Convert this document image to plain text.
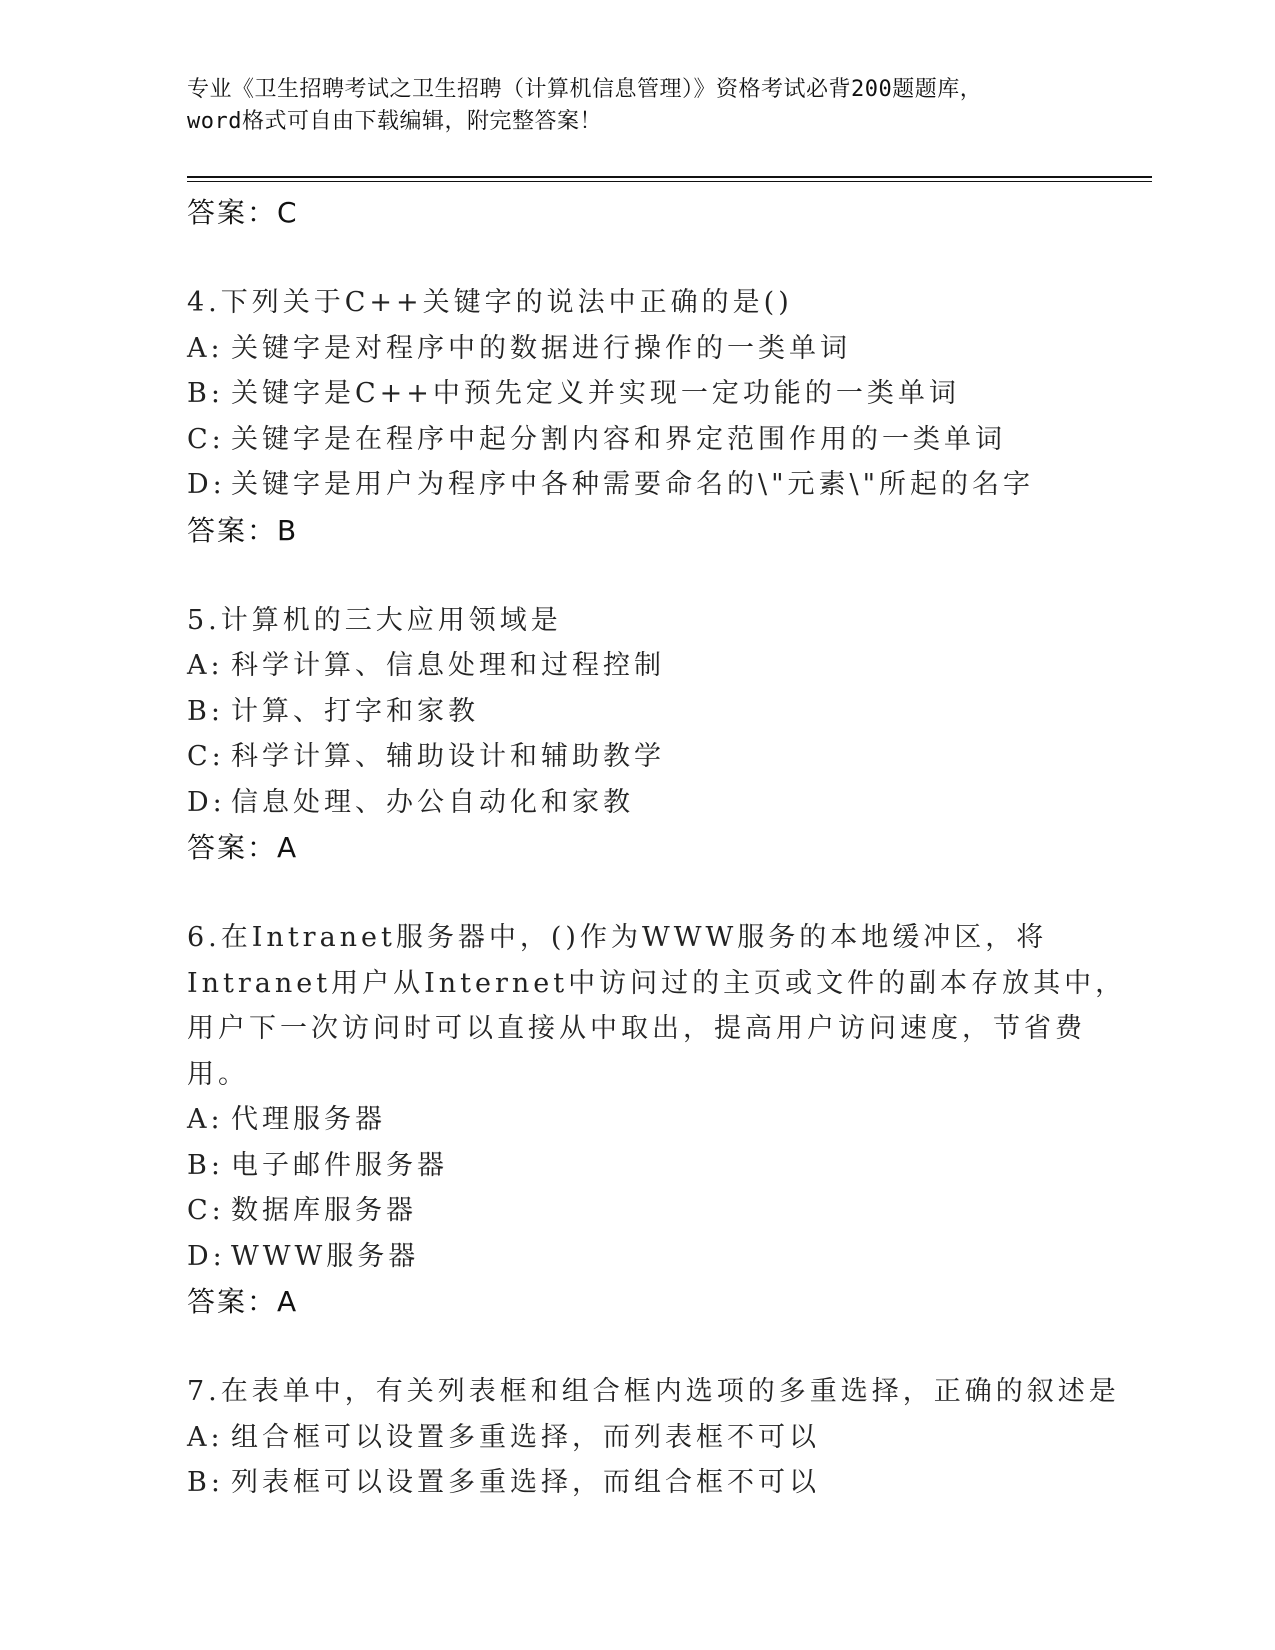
专业《卫生招聘考试之卫生招聘（计算机信息管理）》资格考试必背200题题库，
word格式可自由下载编辑，附完整答案！
答案：C
4.下列关于C++关键字的说法中正确的是()
A: 关键字是对程序中的数据进行操作的一类单词
B: 关键字是C++中预先定义并实现一定功能的一类单词
C: 关键字是在程序中起分割内容和界定范围作用的一类单词
D: 关键字是用户为程序中各种需要命名的\"元素\"所起的名字
答案：B
5.计算机的三大应用领域是
A: 科学计算、信息处理和过程控制
B: 计算、打字和家教
C: 科学计算、辅助设计和辅助教学
D: 信息处理、办公自动化和家教
答案：A
6.在Intranet服务器中，()作为WWW服务的本地缓冲区，将Intranet用户从Internet中访问过的主页或文件的副本存放其中，用户下一次访问时可以直接从中取出，提高用户访问速度，节省费用。
A: 代理服务器
B: 电子邮件服务器
C: 数据库服务器
D: WWW服务器
答案：A
7.在表单中，有关列表框和组合框内选项的多重选择，正确的叙述是
A: 组合框可以设置多重选择，而列表框不可以
B: 列表框可以设置多重选择，而组合框不可以
